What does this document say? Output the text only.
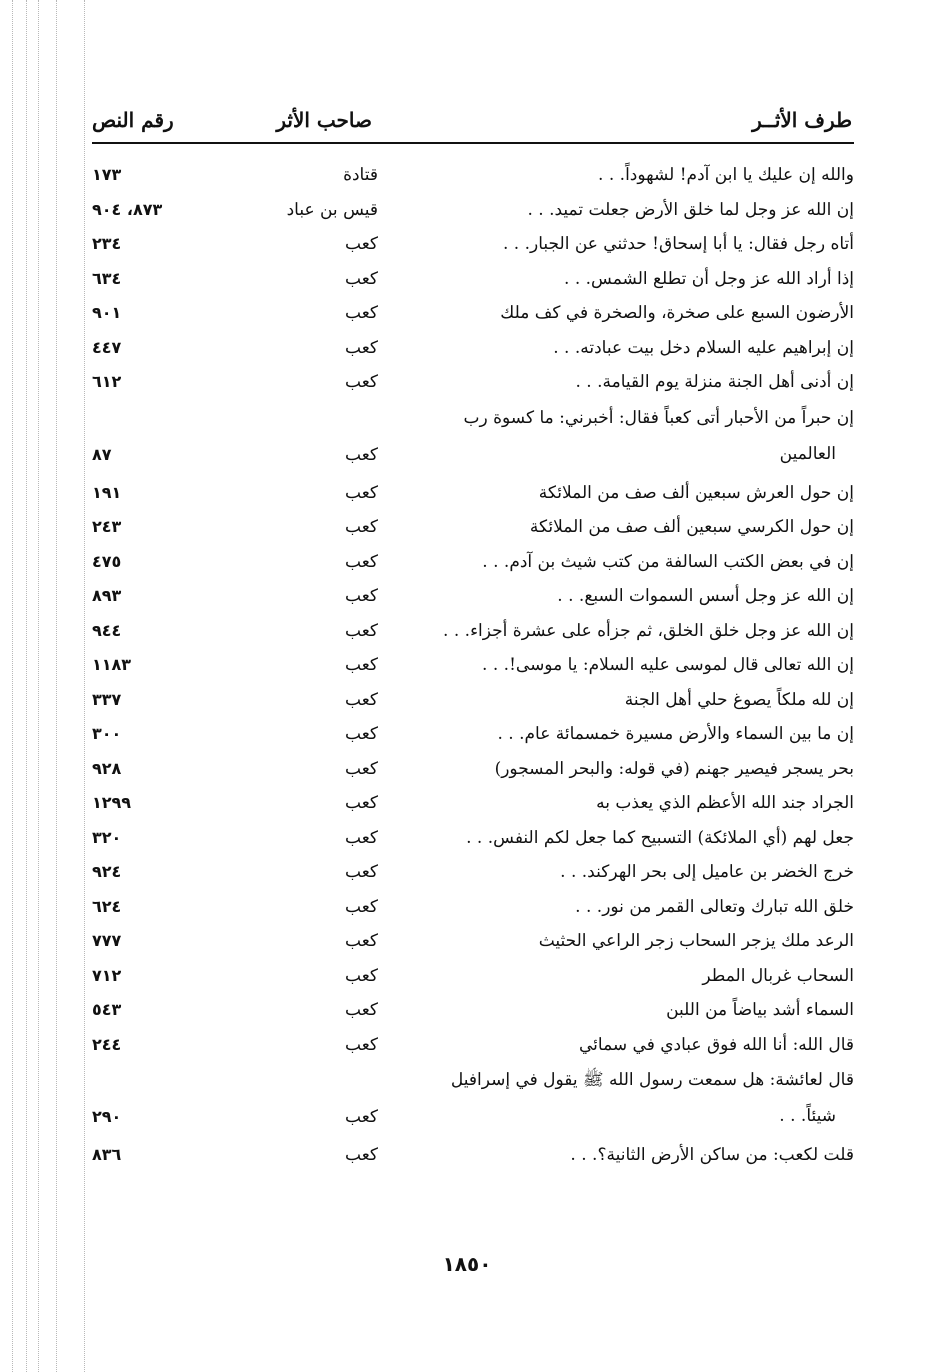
طرف الأثــر
صاحب الأثر
رقم النص
والله إن عليك يا ابن آدم! لشهوداً. . .
قتادة
١٧٣
إن الله عز وجل لما خلق الأرض جعلت تميد. . .
قيس بن عباد
٨٧٣، ٩٠٤
أتاه رجل فقال: يا أبا إسحاق! حدثني عن الجبار. . .
كعب
٢٣٤
إذا أراد الله عز وجل أن تطلع الشمس. . .
كعب
٦٣٤
الأرضون السبع على صخرة، والصخرة في كف ملك
كعب
٩٠١
إن إبراهيم عليه السلام دخل بيت عبادته. . .
كعب
٤٤٧
إن أدنى أهل الجنة منزلة يوم القيامة. . .
كعب
٦١٢
إن حبراً من الأحبار أتى كعباً فقال: أخبرني: ما كسوة رب
العالمين
كعب
٨٧
إن حول العرش سبعين ألف صف من الملائكة
كعب
١٩١
إن حول الكرسي سبعين ألف صف من الملائكة
كعب
٢٤٣
إن في بعض الكتب السالفة من كتب شيث بن آدم. . .
كعب
٤٧٥
إن الله عز وجل أسس السموات السبع. . .
كعب
٨٩٣
إن الله عز وجل خلق الخلق، ثم جزأه على عشرة أجزاء. . .
كعب
٩٤٤
إن الله تعالى قال لموسى عليه السلام: يا موسى!. . .
كعب
١١٨٣
إن لله ملكاً يصوغ حلي أهل الجنة
كعب
٣٣٧
إن ما بين السماء والأرض مسيرة خمسمائة عام. . .
كعب
٣٠٠
بحر يسجر فيصير جهنم (في قوله: والبحر المسجور)
كعب
٩٢٨
الجراد جند الله الأعظم الذي يعذب به
كعب
١٢٩٩
جعل لهم (أي الملائكة) التسبيح كما جعل لكم النفس. . .
كعب
٣٢٠
خرج الخضر بن عاميل إلى بحر الهركند. . .
كعب
٩٢٤
خلق الله تبارك وتعالى القمر من نور. . .
كعب
٦٢٤
الرعد ملك يزجر السحاب زجر الراعي الحثيث
كعب
٧٧٧
السحاب غربال المطر
كعب
٧١٢
السماء أشد بياضاً من اللبن
كعب
٥٤٣
قال الله: أنا الله فوق عبادي في سمائي
كعب
٢٤٤
قال لعائشة: هل سمعت رسول الله ﷺ يقول في إسرافيل
شيئاً. . .
كعب
٢٩٠
قلت لكعب: من ساكن الأرض الثانية؟. . .
كعب
٨٣٦
١٨٥٠
